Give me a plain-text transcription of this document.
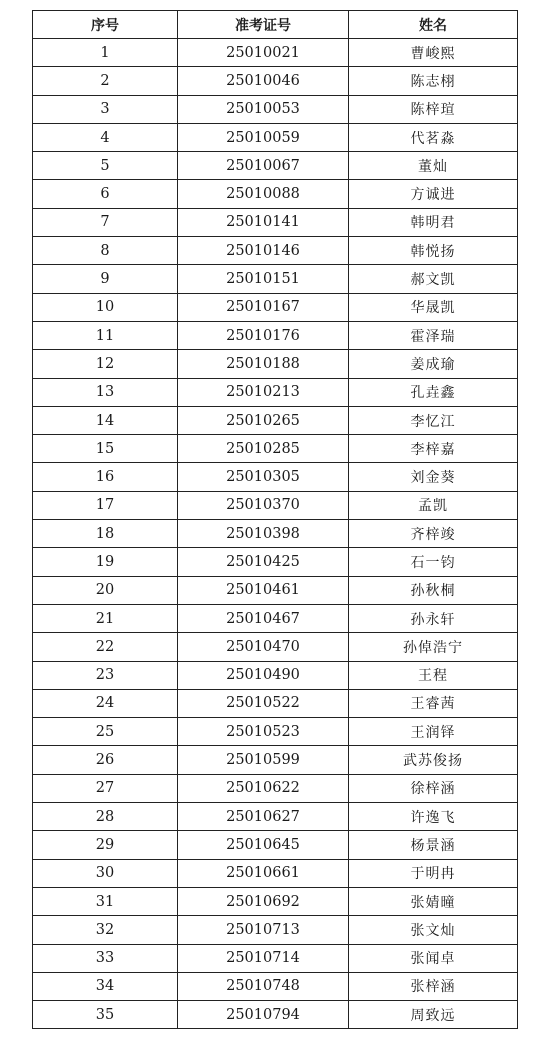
序号	准考证号	姓名
1	25010021	曹峻熙
2	25010046	陈志栩
3	25010053	陈梓瑄
4	25010059	代茗淼
5	25010067	董灿
6	25010088	方诚进
7	25010141	韩明君
8	25010146	韩悦扬
9	25010151	郝文凯
10	25010167	华晟凯
11	25010176	霍泽瑞
12	25010188	姜成瑜
13	25010213	孔垚鑫
14	25010265	李忆江
15	25010285	李梓嘉
16	25010305	刘金葵
17	25010370	孟凯
18	25010398	齐梓竣
19	25010425	石一钧
20	25010461	孙秋桐
21	25010467	孙永轩
22	25010470	孙倬浩宁
23	25010490	王程
24	25010522	王睿茜
25	25010523	王润铎
26	25010599	武苏俊扬
27	25010622	徐梓涵
28	25010627	许逸飞
29	25010645	杨景涵
30	25010661	于明冉
31	25010692	张婧曈
32	25010713	张文灿
33	25010714	张闻卓
34	25010748	张梓涵
35	25010794	周致远
